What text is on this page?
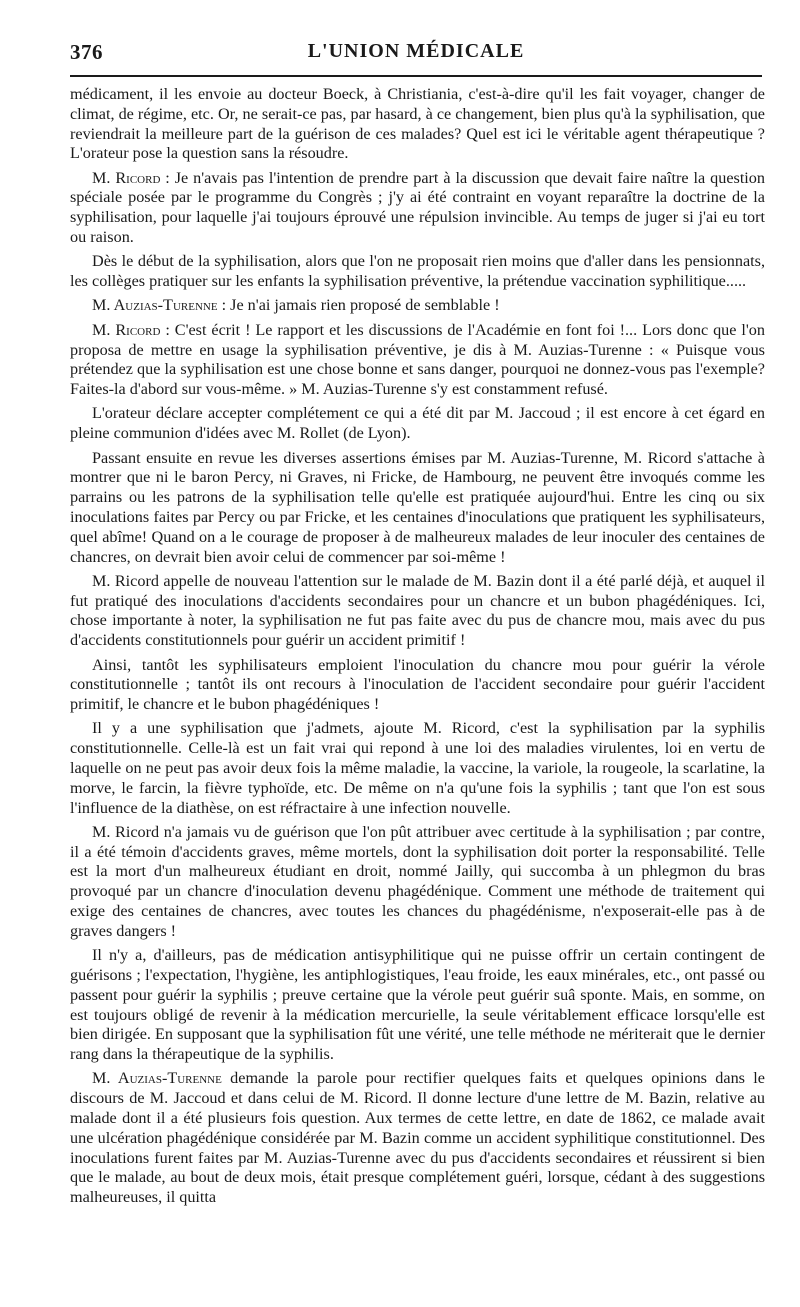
376	L'UNION MÉDICALE

médicament, il les envoie au docteur Boeck, à Christiania, c'est-à-dire qu'il les fait voyager, changer de climat, de régime, etc. Or, ne serait-ce pas, par hasard, à ce changement, bien plus qu'à la syphilisation, que reviendrait la meilleure part de la guérison de ces malades? Quel est ici le véritable agent thérapeutique ? L'orateur pose la question sans la résoudre.

M. Ricord : Je n'avais pas l'intention de prendre part à la discussion que devait faire naître la question spéciale posée par le programme du Congrès ; j'y ai été contraint en voyant reparaître la doctrine de la syphilisation, pour laquelle j'ai toujours éprouvé une répulsion invincible. Au temps de juger si j'ai eu tort ou raison.

Dès le début de la syphilisation, alors que l'on ne proposait rien moins que d'aller dans les pensionnats, les collèges pratiquer sur les enfants la syphilisation préventive, la prétendue vaccination syphilitique.....

M. Auzias-Turenne : Je n'ai jamais rien proposé de semblable !

M. Ricord : C'est écrit ! Le rapport et les discussions de l'Académie en font foi !... Lors donc que l'on proposa de mettre en usage la syphilisation préventive, je dis à M. Auzias-Turenne : « Puisque vous prétendez que la syphilisation est une chose bonne et sans danger, pourquoi ne donnez-vous pas l'exemple? Faites-la d'abord sur vous-même. » M. Auzias-Turenne s'y est constamment refusé.

L'orateur déclare accepter complétement ce qui a été dit par M. Jaccoud ; il est encore à cet égard en pleine communion d'idées avec M. Rollet (de Lyon).

Passant ensuite en revue les diverses assertions émises par M. Auzias-Turenne, M. Ricord s'attache à montrer que ni le baron Percy, ni Graves, ni Fricke, de Hambourg, ne peuvent être invoqués comme les parrains ou les patrons de la syphilisation telle qu'elle est pratiquée aujourd'hui. Entre les cinq ou six inoculations faites par Percy ou par Fricke, et les centaines d'inoculations que pratiquent les syphilisateurs, quel abîme! Quand on a le courage de proposer à de malheureux malades de leur inoculer des centaines de chancres, on devrait bien avoir celui de commencer par soi-même !

M. Ricord appelle de nouveau l'attention sur le malade de M. Bazin dont il a été parlé déjà, et auquel il fut pratiqué des inoculations d'accidents secondaires pour un chancre et un bubon phagédéniques. Ici, chose importante à noter, la syphilisation ne fut pas faite avec du pus de chancre mou, mais avec du pus d'accidents constitutionnels pour guérir un accident primitif !

Ainsi, tantôt les syphilisateurs emploient l'inoculation du chancre mou pour guérir la vérole constitutionnelle ; tantôt ils ont recours à l'inoculation de l'accident secondaire pour guérir l'accident primitif, le chancre et le bubon phagédéniques !

Il y a une syphilisation que j'admets, ajoute M. Ricord, c'est la syphilisation par la syphilis constitutionnelle. Celle-là est un fait vrai qui repond à une loi des maladies virulentes, loi en vertu de laquelle on ne peut pas avoir deux fois la même maladie, la vaccine, la variole, la rougeole, la scarlatine, la morve, le farcin, la fièvre typhoïde, etc. De même on n'a qu'une fois la syphilis ; tant que l'on est sous l'influence de la diathèse, on est réfractaire à une infection nouvelle.

M. Ricord n'a jamais vu de guérison que l'on pût attribuer avec certitude à la syphilisation ; par contre, il a été témoin d'accidents graves, même mortels, dont la syphilisation doit porter la responsabilité. Telle est la mort d'un malheureux étudiant en droit, nommé Jailly, qui succomba à un phlegmon du bras provoqué par un chancre d'inoculation devenu phagédénique. Comment une méthode de traitement qui exige des centaines de chancres, avec toutes les chances du phagédénisme, n'exposerait-elle pas à de graves dangers !

Il n'y a, d'ailleurs, pas de médication antisyphilitique qui ne puisse offrir un certain contingent de guérisons ; l'expectation, l'hygiène, les antiphlogistiques, l'eau froide, les eaux minérales, etc., ont passé ou passent pour guérir la syphilis ; preuve certaine que la vérole peut guérir suâ sponte. Mais, en somme, on est toujours obligé de revenir à la médication mercurielle, la seule véritablement efficace lorsqu'elle est bien dirigée. En supposant que la syphilisation fût une vérité, une telle méthode ne mériterait que le dernier rang dans la thérapeutique de la syphilis.

M. Auzias-Turenne demande la parole pour rectifier quelques faits et quelques opinions dans le discours de M. Jaccoud et dans celui de M. Ricord. Il donne lecture d'une lettre de M. Bazin, relative au malade dont il a été plusieurs fois question. Aux termes de cette lettre, en date de 1862, ce malade avait une ulcération phagédénique considérée par M. Bazin comme un accident syphilitique constitutionnel. Des inoculations furent faites par M. Auzias-Turenne avec du pus d'accidents secondaires et réussirent si bien que le malade, au bout de deux mois, était presque complétement guéri, lorsque, cédant à des suggestions malheureuses, il quitta
